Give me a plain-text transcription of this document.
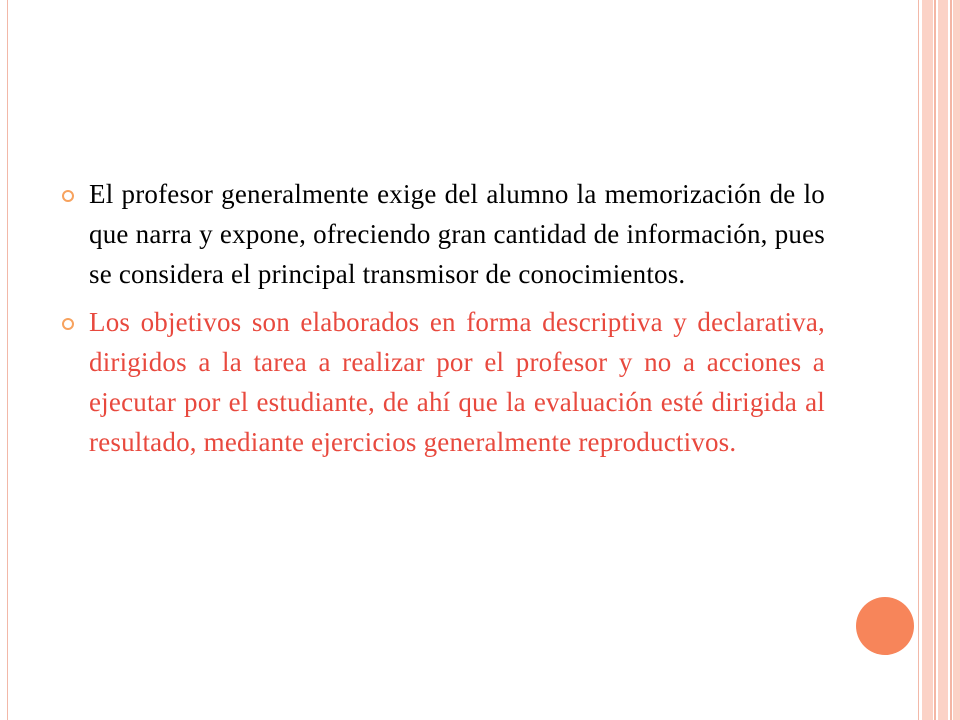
El profesor generalmente exige del alumno la memorización de lo que narra y expone, ofreciendo gran cantidad de información, pues se considera el principal transmisor de conocimientos.
Los objetivos son elaborados en forma descriptiva y declarativa, dirigidos a la tarea a realizar por el profesor y no a acciones a ejecutar por el estudiante, de ahí que la evaluación esté dirigida al resultado, mediante ejercicios generalmente reproductivos.
